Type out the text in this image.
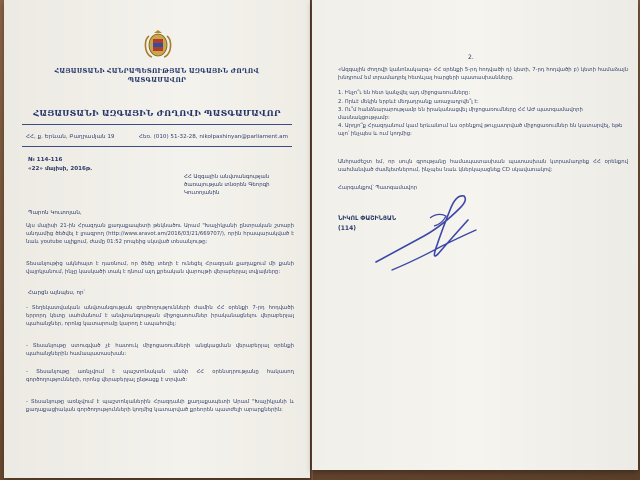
ՀԱՅԱՍՏԱՆԻ ՀԱՆՐԱՊԵՏՈՒԹՅԱՆ ԱԶԳԱՅԻՆ ԺՈՂՈՎ
ՊԱՏԳԱՄԱՎՈՐ
ՀԱՅԱՍՏԱՆԻ ԱԶԳԱՅԻՆ ԺՈՂՈՎԻ ՊԱՏԳԱՄԱՎՈՐ
ՀՀ, ք. Երևան, Բաղրամյան 19	Հեռ. (010) 51-32-28, nikolpashinyan@parliament.am
№ 114-116
«22» մայիսի, 2016թ.
ՀՀ Ազգային անվտանգության ծառայության տնօրեն Գեորգի Կուտոյանին
Պարոն Կուտոյան,
Այս մայիսի 21-ին Հրազդան քաղաքապետի թեկնածու Արամ "Խաչիկյանի ընտրական շտաբի անդամից ծեծվել է լրագրող (http://www.aravot.am/2016/03/21/669707/), որին հրապարակված է նաև youtube ալիքում, ժամը 01:52 րոպեից սկսված տեսանյութը:
Տեսանյութից ակնհայտ է դառնում, որ ծեծը տեղի է ունեցել Հրազդան քաղաքում մի քանի վայրկյանում, ինչը կասկածի տակ է դնում այդ քրեական վարույթի վերաբերյալ տվյալները:
Հարցն այնպես, որ՝
- Տեղեկատվական անվտանգության գործողությունների ժամին ՀՀ օրենքի 7-րդ հոդվածի երրորդ կետը սահմանում է անվտանգության միջոցառումներ իրականացնելու վերաբերյալ պահանջներ, որոնց կատարումը կարող է ապահովել:
- Տեսանյութը ստուգված չէ հատուկ միջոցառումների անցկացման վերաբերյալ օրենքի պահանջներին համապատասխան:
- Տեսանյութը առնչվում է պաշտոնական անձի ՀՀ օրենսդրությանը հակասող գործողությունների, որոնց վերաբերյալ ընթացք է տրված:
- Տեսանյութը առնչվում է պաշտոնյաներին Հրազդանի քաղաքապետի Արամ "Խաչիկյանի և քաղաքացիական գործողությունների կողմից կատարված քրեորեն պատժելի արարքներին:
2.
«Ազգային ժողովի կանոնակարգ» ՀՀ օրենքի 5-րդ հոդվածի դ) կետի, 7-րդ հոդվածի բ) կետի համաձայն խնդրում եմ տրամադրել հետևյալ հարցերի պատասխանները.
1. Ինչո՞ւ են հետ կանչվել այդ միջոցառումները:
2. Որևէ մեկին երբևէ մեղադրանք առաջադրվե՞լ է:
3. Ու՞մ հանձնարարությամբ են իրականացվել միջոցառումները ՀՀ ԱԺ պատգամավորի մասնակցությամբ:
4. Արդյո՞ք Հրազդանում կամ երևանում ևս օրենքով թույլատրված միջոցառումներ են կատարվել, եթե այո՝ ինչպես և ում կողմից:
Անհրաժեշտ եմ, որ սույն գրությանը համապատասխան պատասխան կտրամադրեք ՀՀ օրենքով սահմանված ժամկետներում, ինչպես նաև կներկայացնեք CD սկավառակով:
Հարգանքով՝ Պատգամավոր
ՆԻԿՈԼ ՓԱՇԻՆՅԱՆ
(114)
